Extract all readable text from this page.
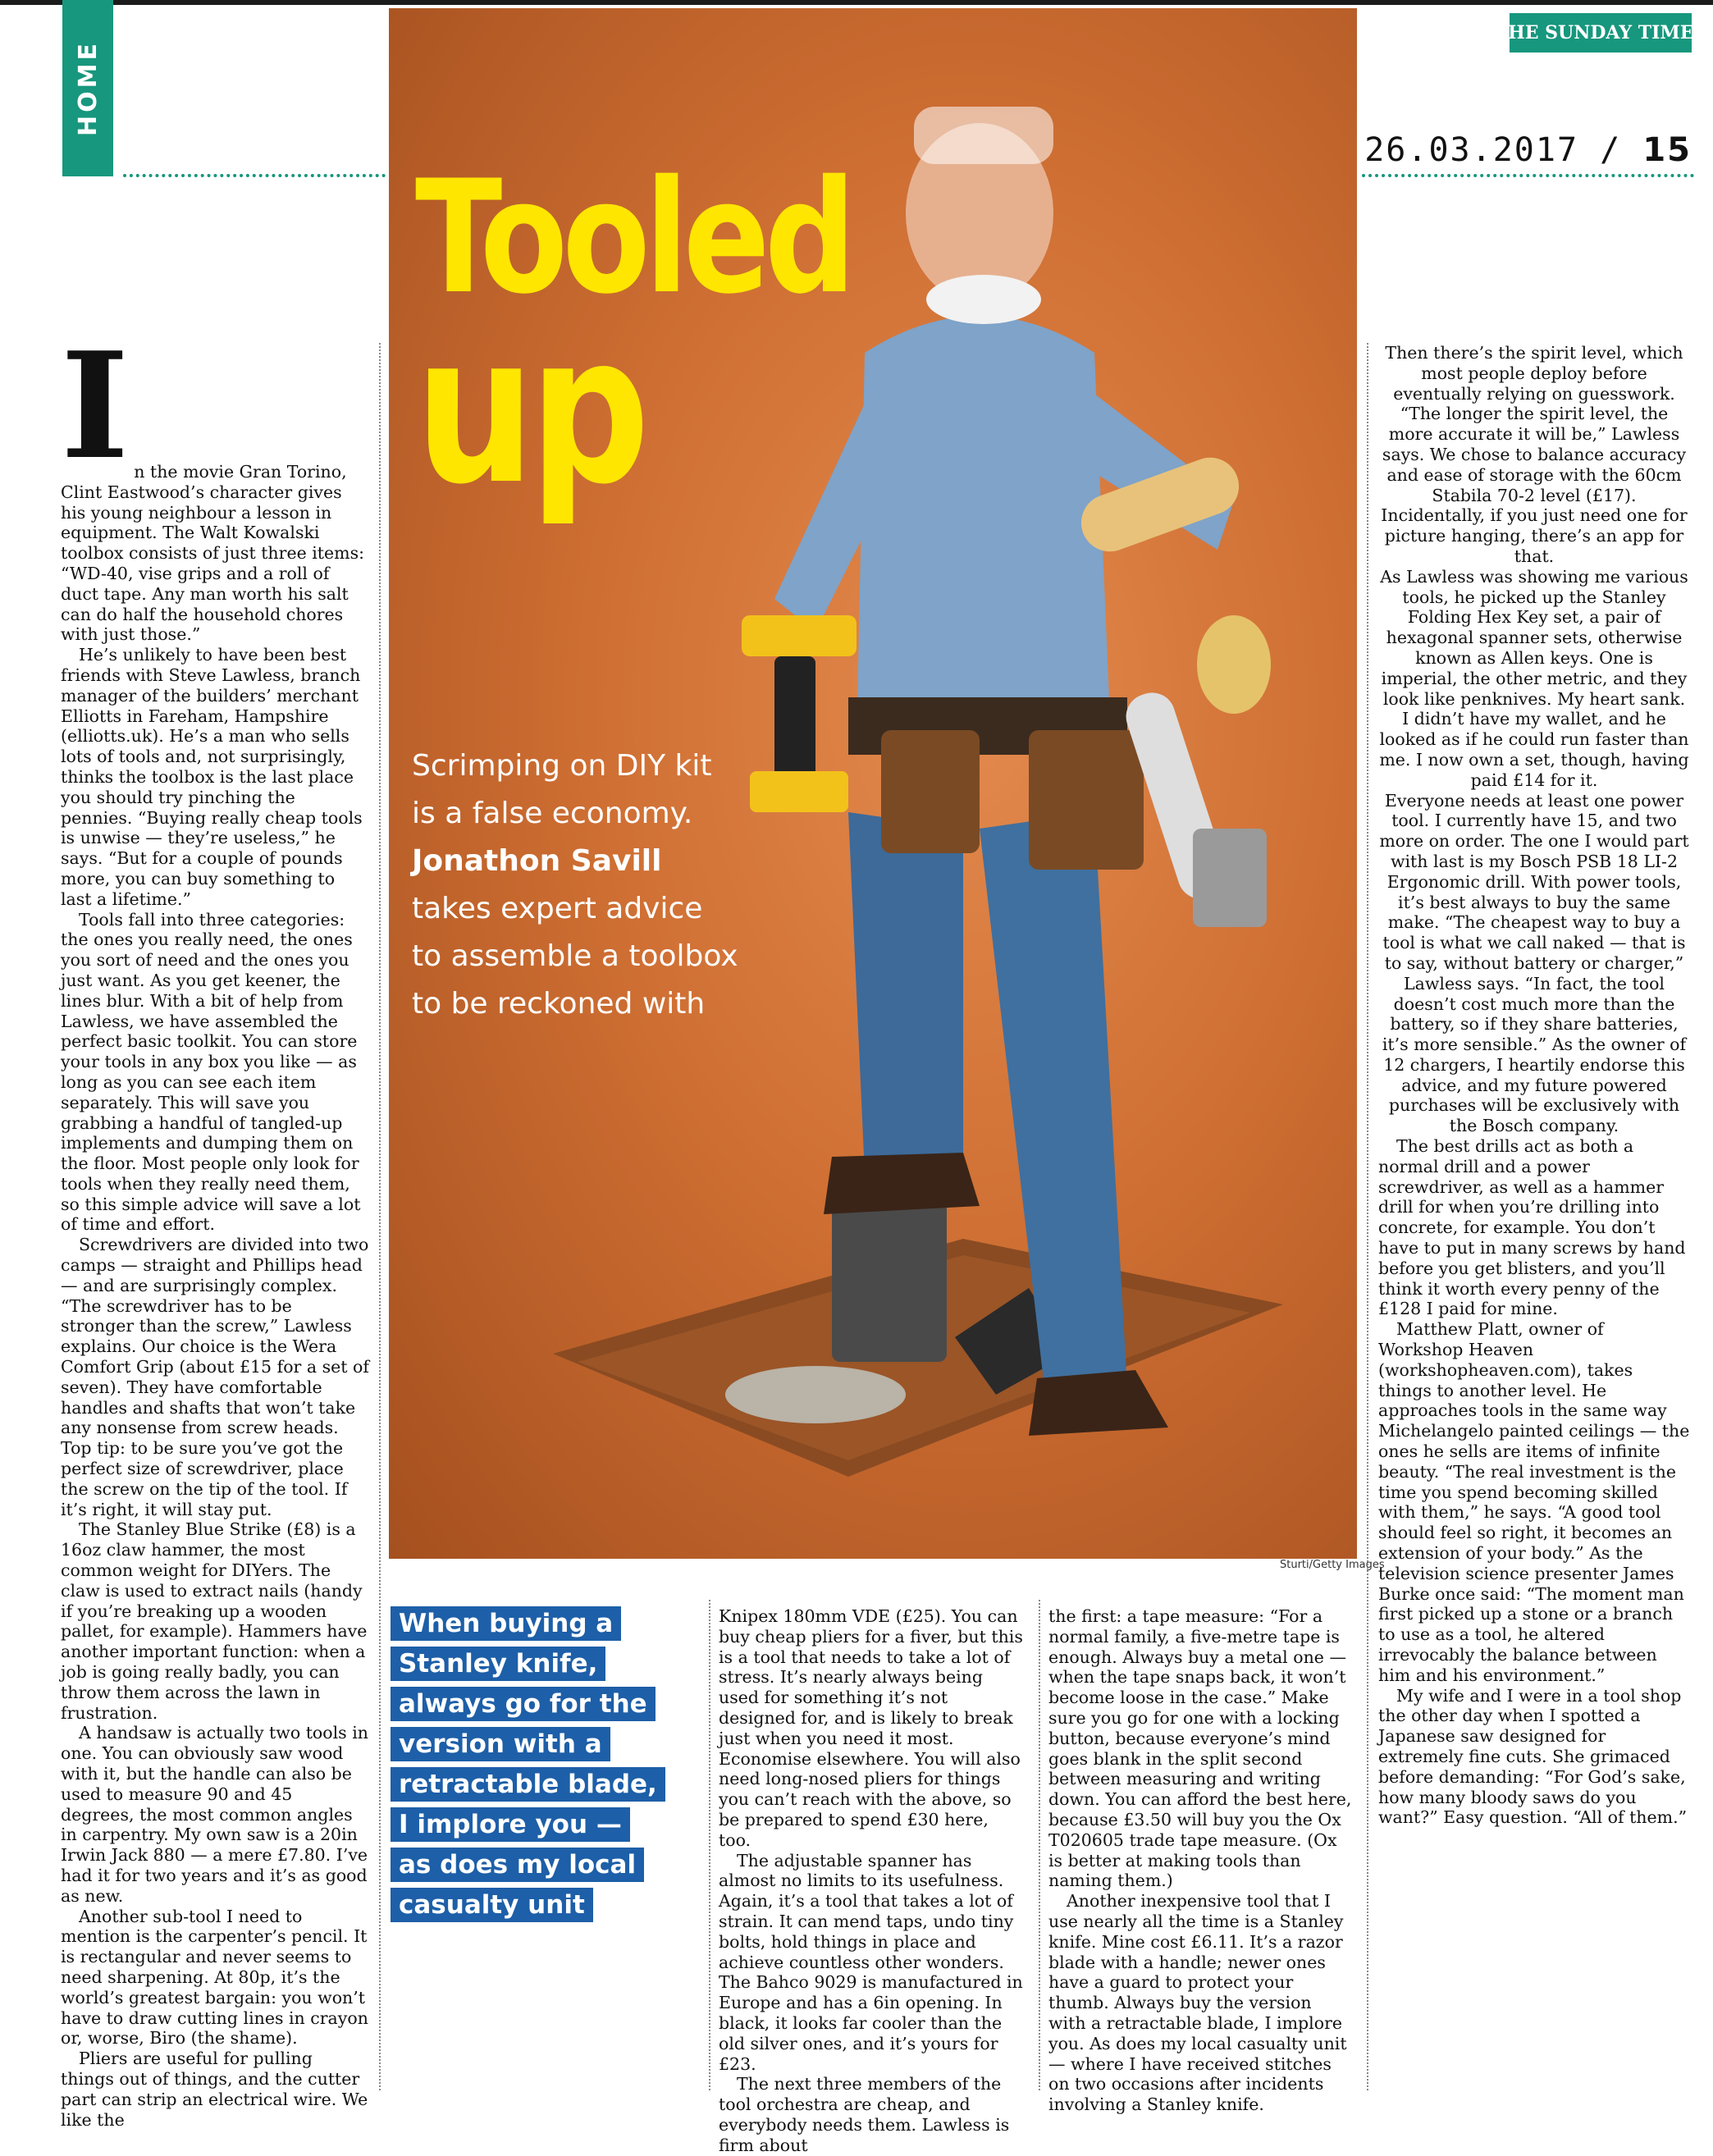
HOME
THE SUNDAY TIMES
26.03.2017 / 15
Tooled
up
Scrimping on DIY kit is a false economy. Jonathon Savill takes expert advice to assemble a toolbox to be reckoned with
Sturti/Getty Images
I n the movie Gran Torino, Clint Eastwood’s character gives his young neighbour a lesson in equipment. The Walt Kowalski toolbox consists of just three items: “WD-40, vise grips and a roll of duct tape. Any man worth his salt can do half the household chores with just those.”

He’s unlikely to have been best friends with Steve Lawless, branch manager of the builders’ merchant Elliotts in Fareham, Hampshire (elliotts.uk). He’s a man who sells lots of tools and, not surprisingly, thinks the toolbox is the last place you should try pinching the pennies. “Buying really cheap tools is unwise — they’re useless,” he says. “But for a couple of pounds more, you can buy something to last a lifetime.”

Tools fall into three categories: the ones you really need, the ones you sort of need and the ones you just want. As you get keener, the lines blur. With a bit of help from Lawless, we have assembled the perfect basic toolkit. You can store your tools in any box you like — as long as you can see each item separately. This will save you grabbing a handful of tangled-up implements and dumping them on the floor. Most people only look for tools when they really need them, so this simple advice will save a lot of time and effort.

Screwdrivers are divided into two camps — straight and Phillips head — and are surprisingly complex. “The screwdriver has to be stronger than the screw,” Lawless explains. Our choice is the Wera Comfort Grip (about £15 for a set of seven). They have comfortable handles and shafts that won’t take any nonsense from screw heads. Top tip: to be sure you’ve got the perfect size of screwdriver, place the screw on the tip of the tool. If it’s right, it will stay put.

The Stanley Blue Strike (£8) is a 16oz claw hammer, the most common weight for DIYers. The claw is used to extract nails (handy if you’re breaking up a wooden pallet, for example). Hammers have another important function: when a job is going really badly, you can throw them across the lawn in frustration.

A handsaw is actually two tools in one. You can obviously saw wood with it, but the handle can also be used to measure 90 and 45 degrees, the most common angles in carpentry. My own saw is a 20in Irwin Jack 880 — a mere £7.80. I’ve had it for two years and it’s as good as new.

Another sub-tool I need to mention is the carpenter’s pencil. It is rectangular and never seems to need sharpening. At 80p, it’s the world’s greatest bargain: you won’t have to draw cutting lines in crayon or, worse, Biro (the shame).

Pliers are useful for pulling things out of things, and the cutter part can strip an electrical wire. We like the

When buying a Stanley knife, always go for the version with a retractable blade, I implore you — as does my local casualty unit

Knipex 180mm VDE (£25). You can buy cheap pliers for a fiver, but this is a tool that needs to take a lot of stress. It’s nearly always being used for something it’s not designed for, and is likely to break just when you need it most. Economise elsewhere. You will also need long-nosed pliers for things you can’t reach with the above, so be prepared to spend £30 here, too.

The adjustable spanner has almost no limits to its usefulness. Again, it’s a tool that takes a lot of strain. It can mend taps, undo tiny bolts, hold things in place and achieve countless other wonders. The Bahco 9029 is manufactured in Europe and has a 6in opening. In black, it looks far cooler than the old silver ones, and it’s yours for £23.

The next three members of the tool orchestra are cheap, and everybody needs them. Lawless is firm about

the first: a tape measure: “For a normal family, a five-metre tape is enough. Always buy a metal one — when the tape snaps back, it won’t become loose in the case.” Make sure you go for one with a locking button, because everyone’s mind goes blank in the split second between measuring and writing down. You can afford the best here, because £3.50 will buy you the Ox T020605 trade tape measure. (Ox is better at making tools than naming them.)

Another inexpensive tool that I use nearly all the time is a Stanley knife. Mine cost £6.11. It’s a razor blade with a handle; newer ones have a guard to protect your thumb. Always buy the version with a retractable blade, I implore you. As does my local casualty unit — where I have received stitches on two occasions after incidents involving a Stanley knife.

Then there’s the spirit level, which most people deploy before eventually relying on guesswork. “The longer the spirit level, the more accurate it will be,” Lawless says. We chose to balance accuracy and ease of storage with the 60cm Stabila 70-2 level (£17). Incidentally, if you just need one for picture hanging, there’s an app for that.

As Lawless was showing me various tools, he picked up the Stanley Folding Hex Key set, a pair of hexagonal spanner sets, otherwise known as Allen keys. One is imperial, the other metric, and they look like penknives. My heart sank. I didn’t have my wallet, and he looked as if he could run faster than me. I now own a set, though, having paid £14 for it.

Everyone needs at least one power tool. I currently have 15, and two more on order. The one I would part with last is my Bosch PSB 18 LI-2 Ergonomic drill. With power tools, it’s best always to buy the same make. “The cheapest way to buy a tool is what we call naked — that is to say, without battery or charger,” Lawless says. “In fact, the tool doesn’t cost much more than the battery, so if they share batteries, it’s more sensible.” As the owner of 12 chargers, I heartily endorse this advice, and my future powered purchases will be exclusively with the Bosch company.

The best drills act as both a normal drill and a power screwdriver, as well as a hammer drill for when you’re drilling into concrete, for example. You don’t have to put in many screws by hand before you get blisters, and you’ll think it worth every penny of the £128 I paid for mine.

Matthew Platt, owner of Workshop Heaven (workshopheaven.com), takes things to another level. He approaches tools in the same way Michelangelo painted ceilings — the ones he sells are items of infinite beauty. “The real investment is the time you spend becoming skilled with them,” he says. “A good tool should feel so right, it becomes an extension of your body.” As the television science presenter James Burke once said: “The moment man first picked up a stone or a branch to use as a tool, he altered irrevocably the balance between him and his environment.”

My wife and I were in a tool shop the other day when I spotted a Japanese saw designed for extremely fine cuts. She grimaced before demanding: “For God’s sake, how many bloody saws do you want?” Easy question. “All of them.”
